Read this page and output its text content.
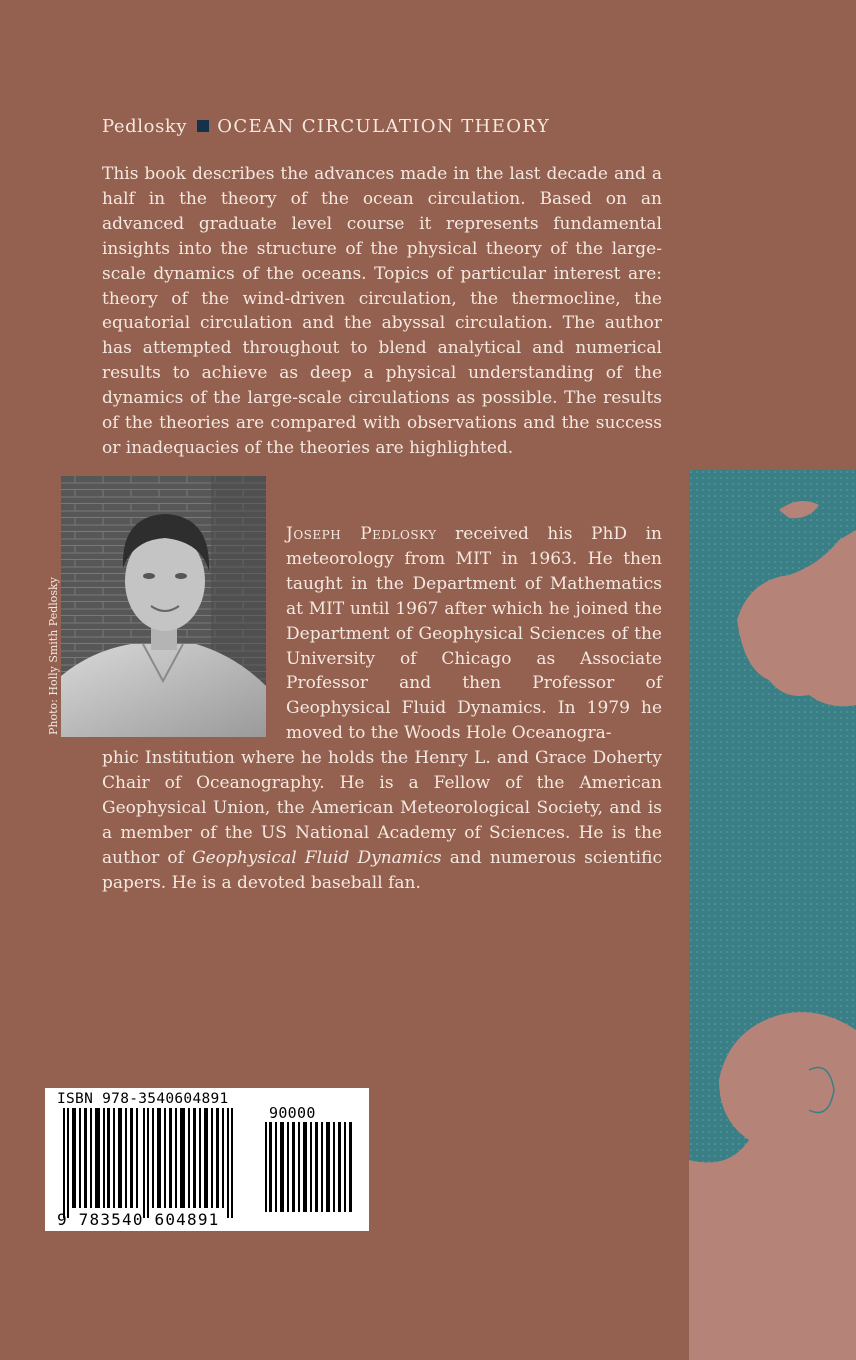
Pedlosky OCEAN CIRCULATION THEORY

This book describes the advances made in the last decade and a half in the theory of the ocean circulation. Based on an advanced graduate level course it represents fundamental insights into the structure of the physical theory of the large-scale dynamics of the oceans. Topics of particular interest are: theory of the wind-driven circulation, the thermocline, the equatorial circulation and the abyssal circulation. The author has attempted throughout to blend analytical and numerical results to achieve as deep a physical understanding of the dynamics of the large-scale circulations as possible. The results of the theories are compared with observations and the success or inadequacies of the theories are highlighted.

Photo: Holly Smith Pedlosky

Joseph Pedlosky received his PhD in meteorology from MIT in 1963. He then taught in the Department of Mathematics at MIT until 1967 after which he joined the Department of Geophysical Sciences of the University of Chicago as Associate Professor and then Professor of Geophysical Fluid Dynamics. In 1979 he moved to the Woods Hole Oceanogra-

phic Institution where he holds the Henry L. and Grace Doherty Chair of Oceanography. He is a Fellow of the American Geophysical Union, the American Meteorological Society, and is a member of the US National Academy of Sciences. He is the author of Geophysical Fluid Dynamics and numerous scientific papers. He is a devoted baseball fan.

ISBN 978-3540604891
90000
9 783540 604891
